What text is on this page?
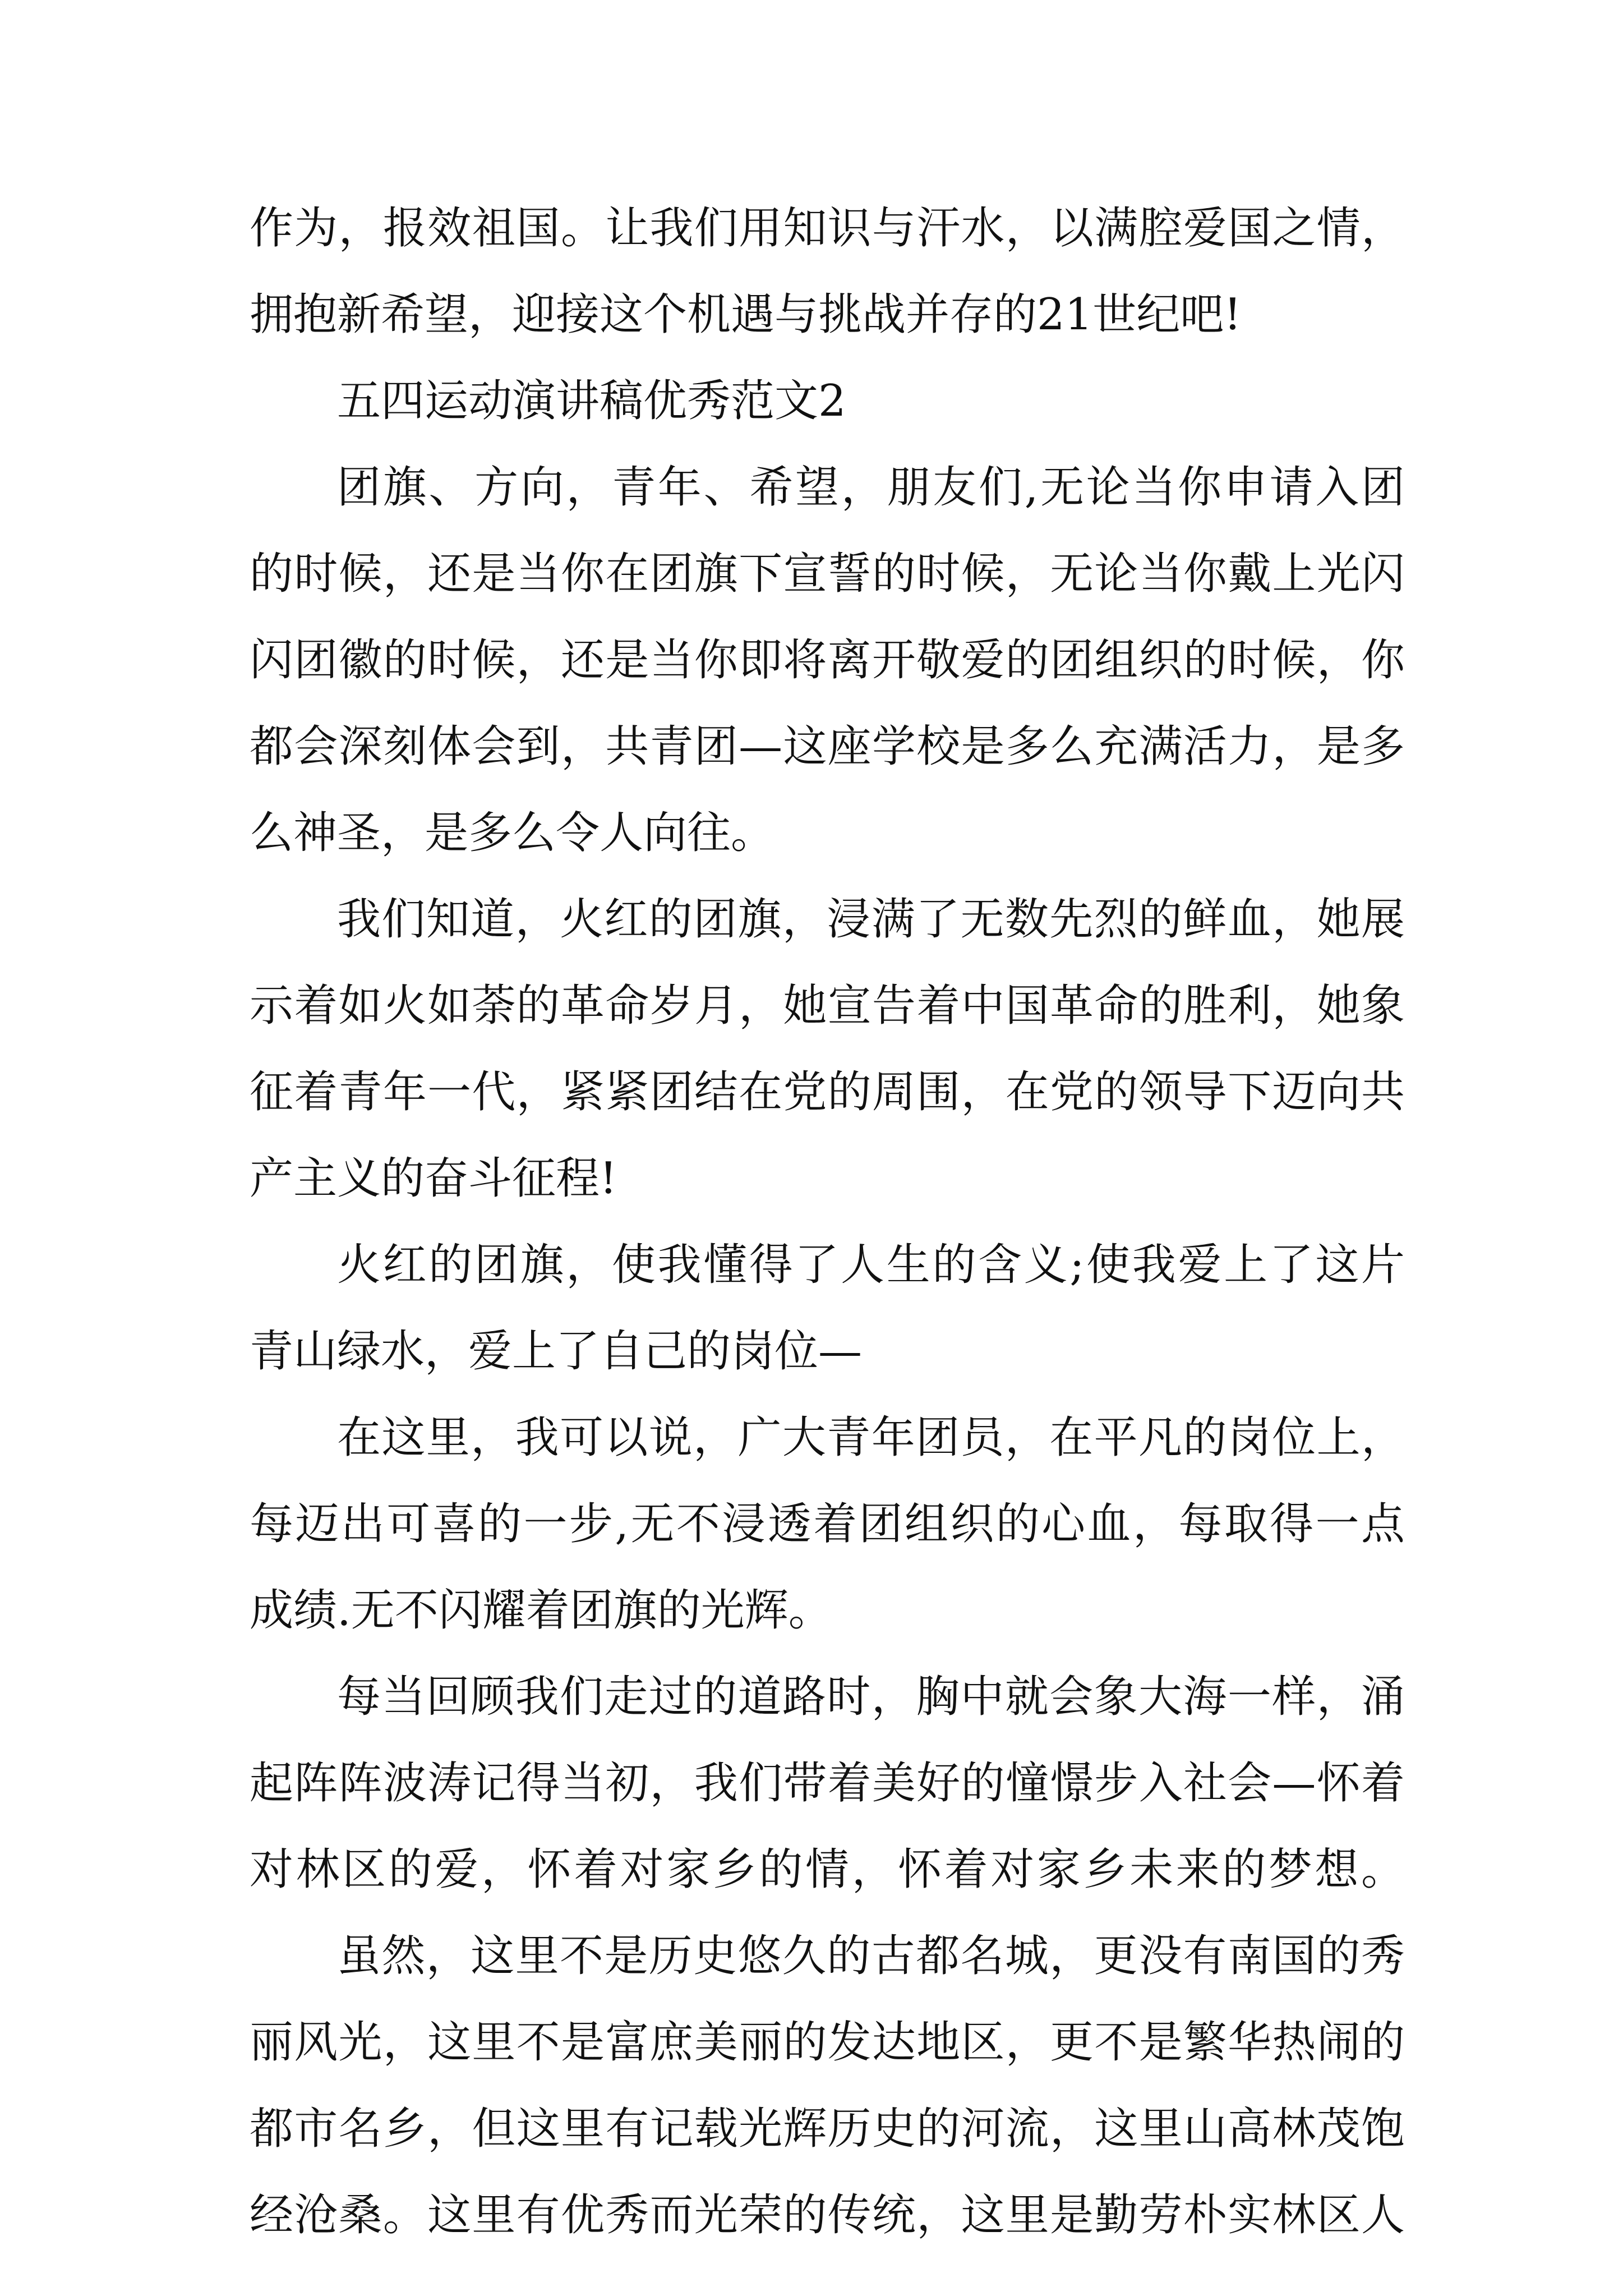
作为，报效祖国。让我们用知识与汗水，以满腔爱国之情，
拥抱新希望，迎接这个机遇与挑战并存的21世纪吧!
五四运动演讲稿优秀范文2
团旗、方向，青年、希望，朋友们,无论当你申请入团
的时候，还是当你在团旗下宣誓的时候，无论当你戴上光闪
闪团徽的时候，还是当你即将离开敬爱的团组织的时候，你
都会深刻体会到，共青团—这座学校是多么充满活力，是多
么神圣，是多么令人向往。
我们知道，火红的团旗，浸满了无数先烈的鲜血，她展
示着如火如荼的革命岁月，她宣告着中国革命的胜利，她象
征着青年一代，紧紧团结在党的周围，在党的领导下迈向共
产主义的奋斗征程!
火红的团旗，使我懂得了人生的含义;使我爱上了这片
青山绿水，爱上了自己的岗位—
在这里，我可以说，广大青年团员，在平凡的岗位上，
每迈出可喜的一步,无不浸透着团组织的心血，每取得一点
成绩.无不闪耀着团旗的光辉。
每当回顾我们走过的道路时，胸中就会象大海一样，涌
起阵阵波涛记得当初，我们带着美好的憧憬步入社会—怀着
对林区的爱，怀着对家乡的情，怀着对家乡未来的梦想。
虽然，这里不是历史悠久的古都名城，更没有南国的秀
丽风光，这里不是富庶美丽的发达地区，更不是繁华热闹的
都市名乡，但这里有记载光辉历史的河流，这里山高林茂饱
经沧桑。这里有优秀而光荣的传统，这里是勤劳朴实林区人
